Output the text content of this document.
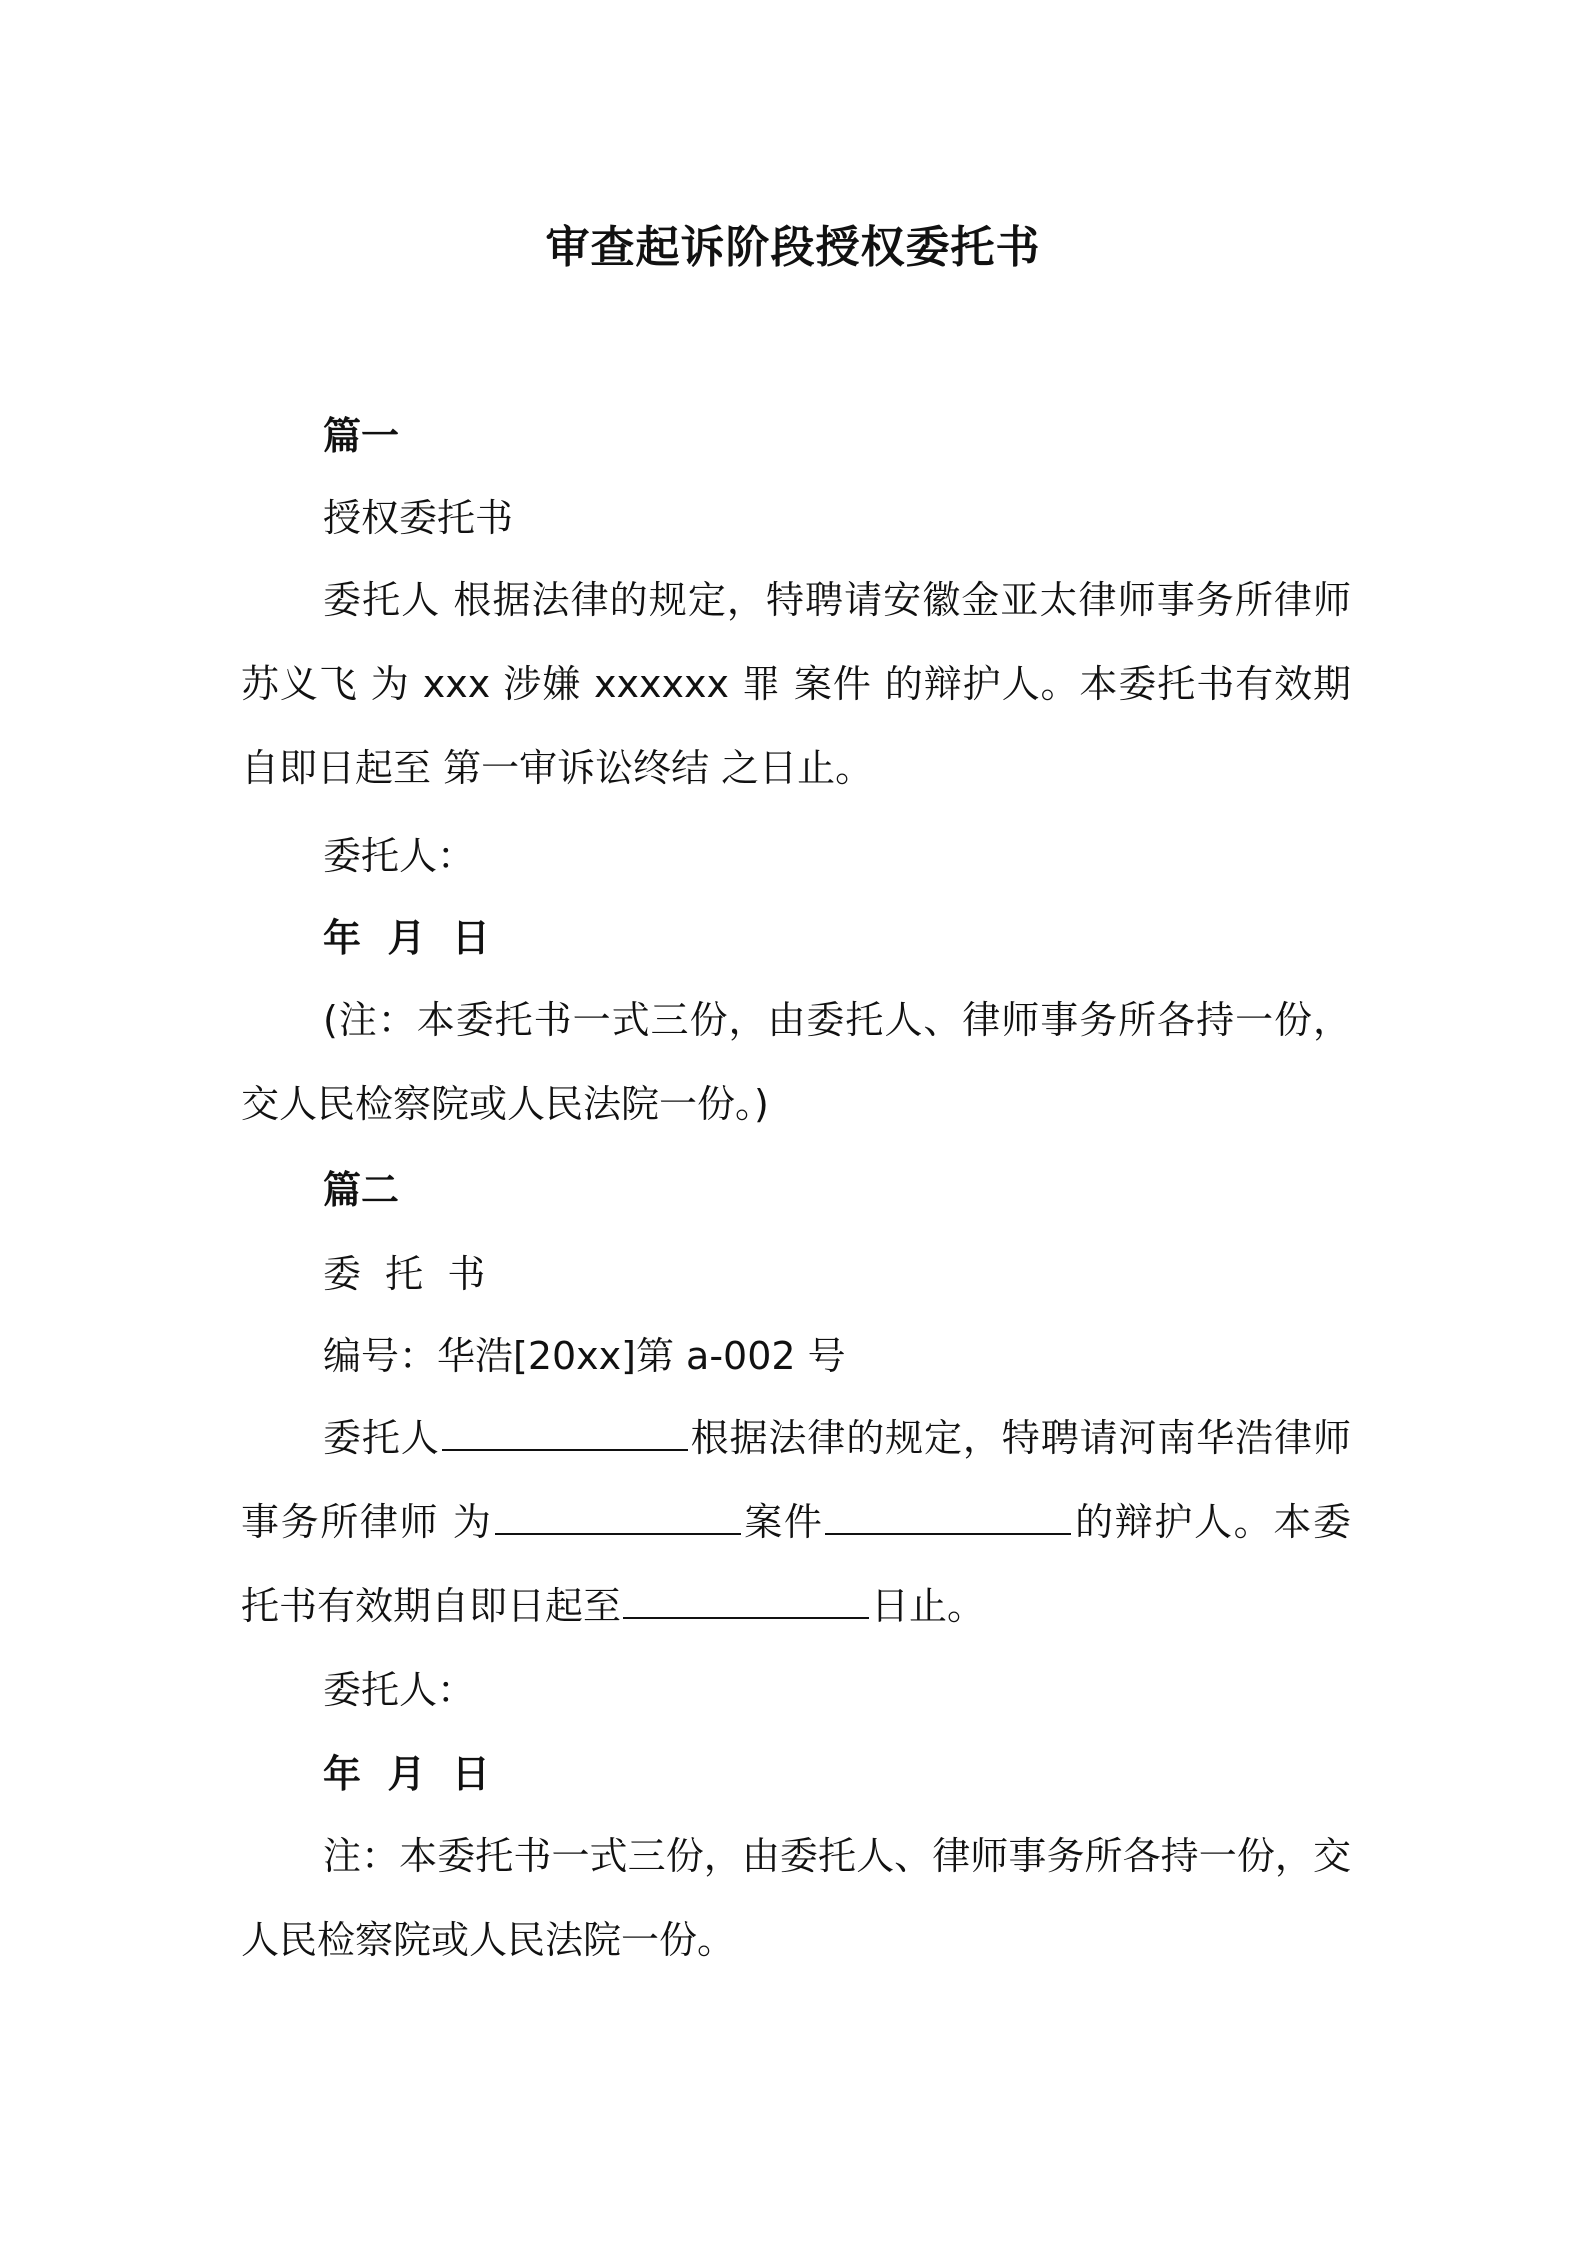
审查起诉阶段授权委托书
篇一
授权委托书
委托人 根据法律的规定，特聘请安徽金亚太律师事务所律师 苏义飞 为 xxx 涉嫌 xxxxxx 罪 案件 的辩护人。本委托书有效期自即日起至 第一审诉讼终结 之日止。
委托人：
年  月  日
(注：本委托书一式三份，由委托人、律师事务所各持一份，交人民检察院或人民法院一份。)
篇二
委  托  书
编号：华浩[20xx]第 a-002 号
委托人	根据法律的规定，特聘请河南华浩律师事务所律师 为	案件	的辩护人。本委托书有效期自即日起至	日止。
委托人：
年  月  日
注：本委托书一式三份，由委托人、律师事务所各持一份，交人民检察院或人民法院一份。
